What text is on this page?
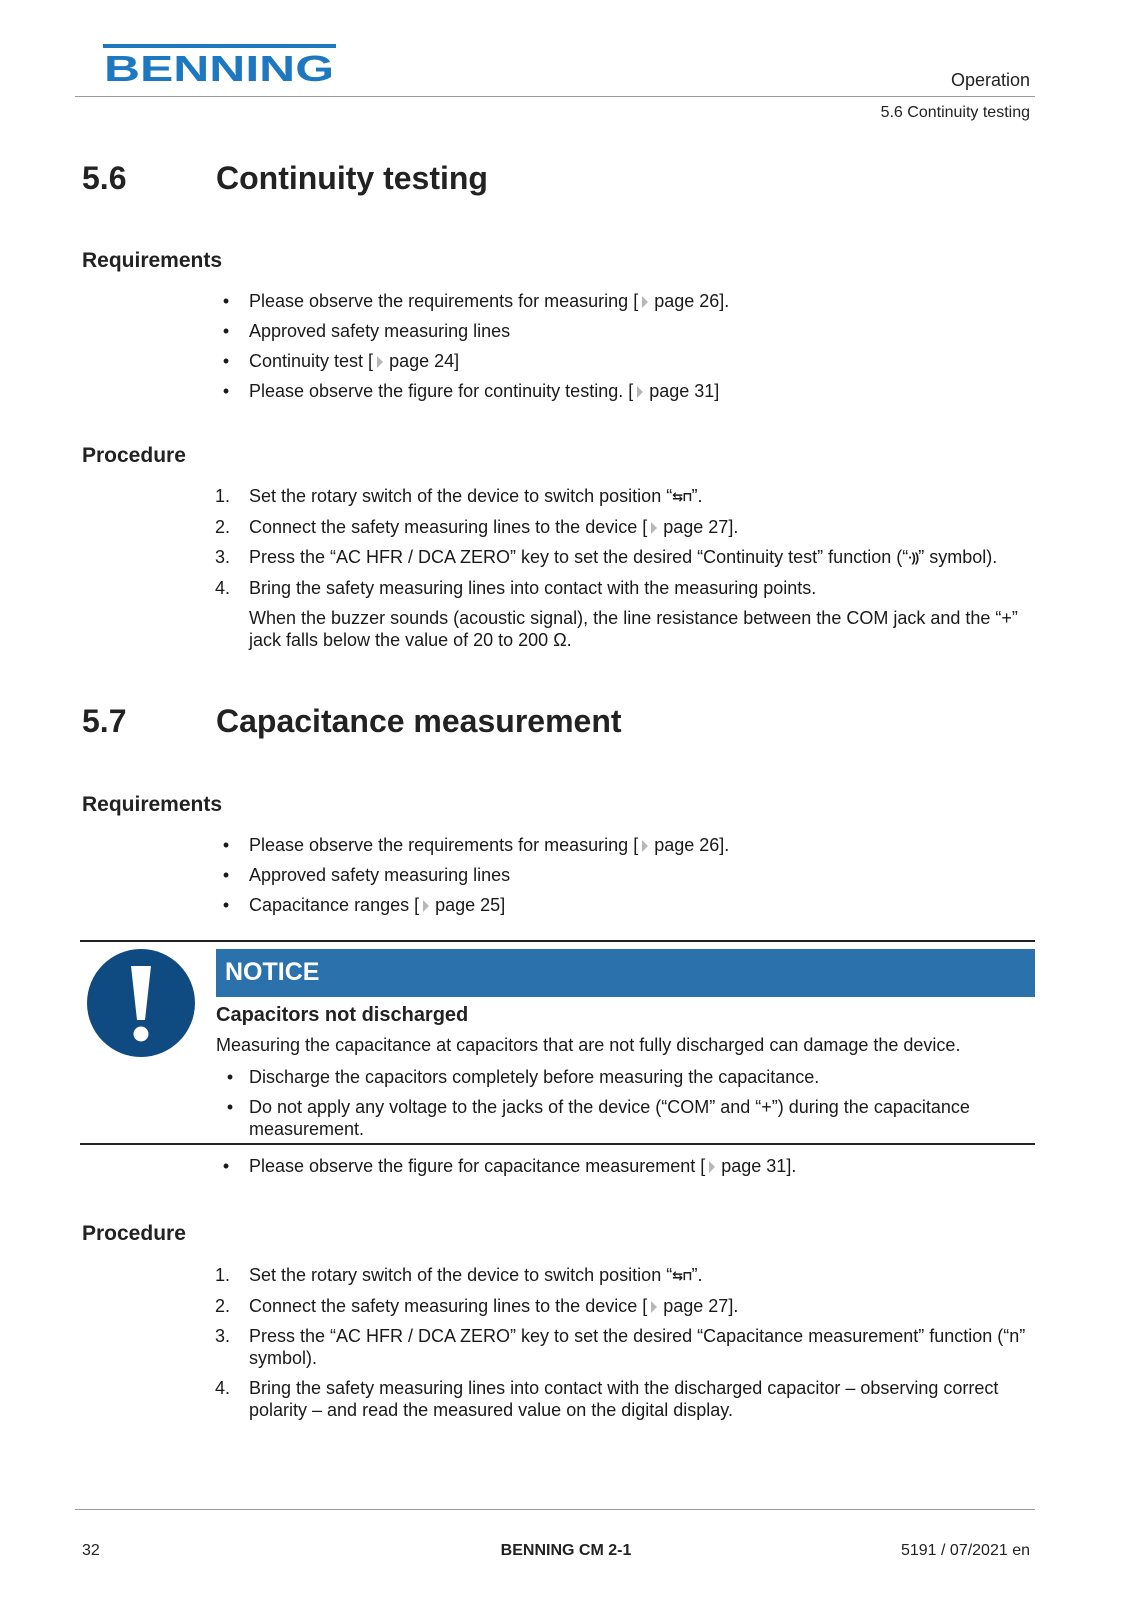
BENNING	Operation
5.6 Continuity testing
5.6	Continuity testing
Requirements
•	Please observe the requirements for measuring [ page 26].
•	Approved safety measuring lines
•	Continuity test [ page 24]
•	Please observe the figure for continuity testing. [ page 31]
Procedure
1.	Set the rotary switch of the device to switch position “⇆⊓”.
2.	Connect the safety measuring lines to the device [ page 27].
3.	Press the “AC HFR / DCA ZERO” key to set the desired “Continuity test” function (“·))” symbol).
4.	Bring the safety measuring lines into contact with the measuring points.
When the buzzer sounds (acoustic signal), the line resistance between the COM jack and the “+” jack falls below the value of 20 to 200 Ω.
5.7	Capacitance measurement
Requirements
•	Please observe the requirements for measuring [ page 26].
•	Approved safety measuring lines
•	Capacitance ranges [ page 25]
NOTICE
Capacitors not discharged
Measuring the capacitance at capacitors that are not fully discharged can damage the device.
• Discharge the capacitors completely before measuring the capacitance.
• Do not apply any voltage to the jacks of the device (“COM” and “+”) during the capacitance measurement.
•	Please observe the figure for capacitance measurement [ page 31].
Procedure
1.	Set the rotary switch of the device to switch position “⇆⊓”.
2.	Connect the safety measuring lines to the device [ page 27].
3.	Press the “AC HFR / DCA ZERO” key to set the desired “Capacitance measurement” function (“n” symbol).
4.	Bring the safety measuring lines into contact with the discharged capacitor – observing correct polarity – and read the measured value on the digital display.
32	BENNING CM 2-1	5191 / 07/2021 en
